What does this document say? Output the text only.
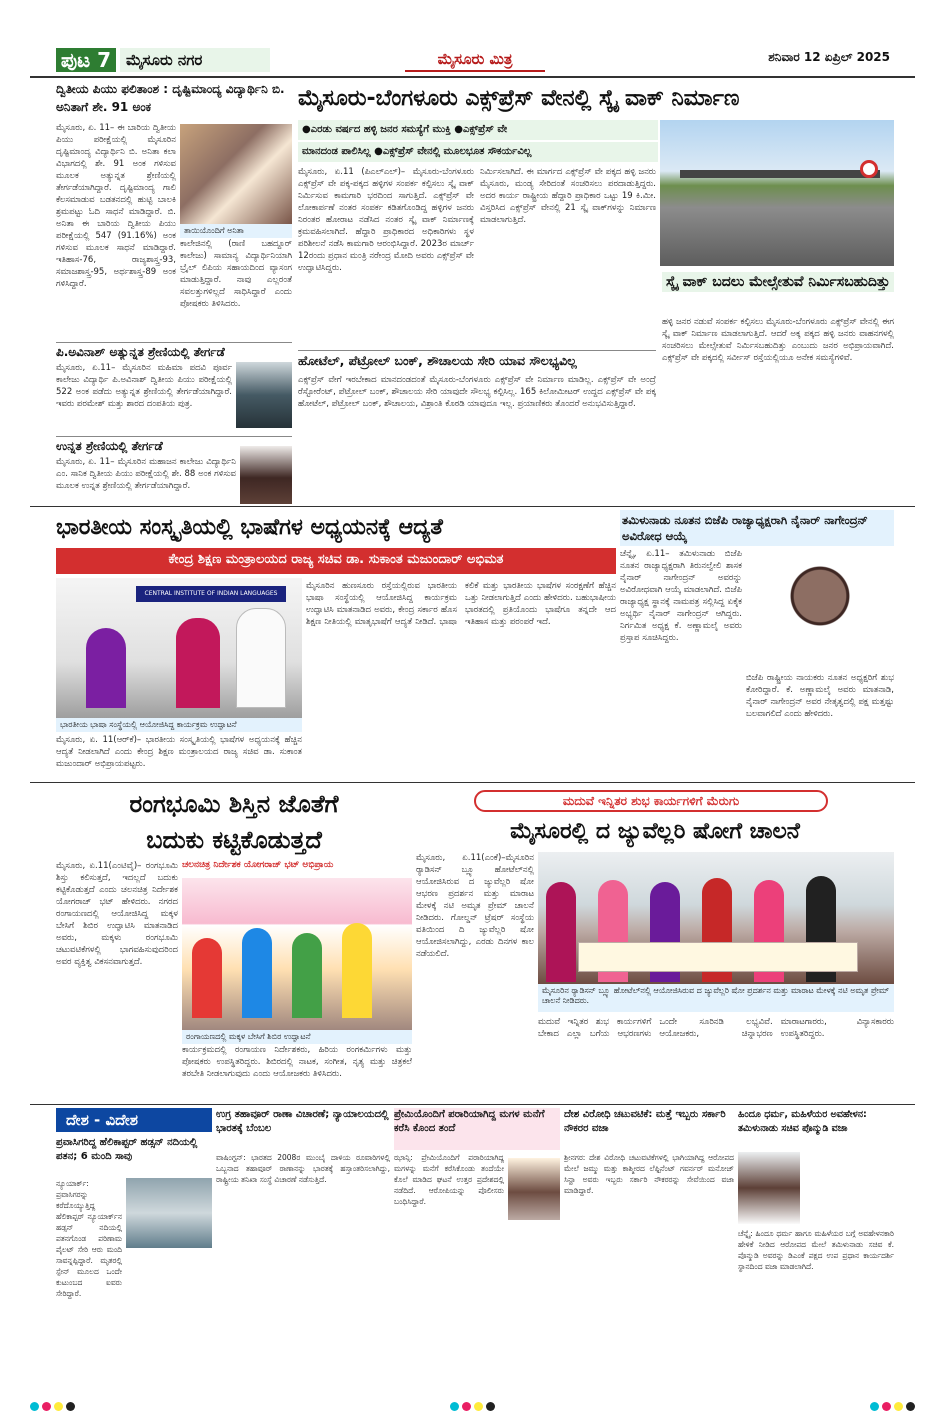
ಪುಟ 7 ಮೈಸೂರು ನಗರ	ಮೈಸೂರು ಮಿತ್ರ	ಶನಿವಾರ 12 ಏಪ್ರಿಲ್ 2025
ದ್ವಿತೀಯ ಪಿಯು ಫಲಿತಾಂಶ : ದೃಷ್ಟಿಮಾಂದ್ಯ ವಿದ್ಯಾರ್ಥಿನಿ ಬಿ. ಅನಿತಾಗೆ ಶೇ. 91 ಅಂಕ
ಮೈಸೂರು, ಏ. 11– ಈ ಬಾರಿಯ ದ್ವಿತೀಯ ಪಿಯು ಪರೀಕ್ಷೆಯಲ್ಲಿ ಮೈಸೂರಿನ ದೃಷ್ಟಿಮಾಂದ್ಯ ವಿದ್ಯಾರ್ಥಿನಿ ಬಿ. ಅನಿತಾ ಕಲಾ ವಿಭಾಗದಲ್ಲಿ ಶೇ. 91 ಅಂಕ ಗಳಿಸುವ ಮೂಲಕ ಅತ್ಯುನ್ನತ ಶ್ರೇಣಿಯಲ್ಲಿ ತೇರ್ಗಡೆಯಾಗಿದ್ದಾರೆ. ದೃಷ್ಟಿಮಾಂದ್ಯ ಗಾಲಿ ಕೆಲಸಮಾಡುವ ಬಡತನದಲ್ಲಿ ಹುಟ್ಟಿ ಬಾಲಕಿ ಶ್ರಮಪಟ್ಟು ಓದಿ ಸಾಧನೆ ಮಾಡಿದ್ದಾರೆ. ಬಿ. ಅನಿತಾ ಈ ಬಾರಿಯ ದ್ವಿತೀಯ ಪಿಯು ಪರೀಕ್ಷೆಯಲ್ಲಿ 547 (91.16%) ಅಂಕ ಗಳಿಸುವ ಮೂಲಕ ಸಾಧನೆ ಮಾಡಿದ್ದಾರೆ. ಇತಿಹಾಸ-76, ರಾಜ್ಯಶಾಸ್ತ್ರ-93, ಸಮಾಜಶಾಸ್ತ್ರ-95, ಅರ್ಥಶಾಸ್ತ್ರ-89 ಅಂಕ ಗಳಿಸಿದ್ದಾರೆ.
ತಾಯಿಯೊಂದಿಗೆ ಅನಿತಾ
ಕಾಲೇಜಿನಲ್ಲಿ (ರಾಣಿ ಬಹದ್ದೂರ್ ಕಾಲೇಜು) ಸಾಮಾನ್ಯ ವಿದ್ಯಾರ್ಥಿನಿಯಾಗಿ ಬ್ರೈಲ್ ಲಿಪಿಯ ಸಹಾಯದಿಂದ ವ್ಯಾಸಂಗ ಮಾಡುತ್ತಿದ್ದಾರೆ. ನಾವು ಎಲ್ಲರಂತೆ ಸವಲತ್ತುಗಳಿಲ್ಲದೆ ಸಾಧಿಸಿದ್ದಾರೆ ಎಂದು ಪೋಷಕರು ತಿಳಿಸಿದರು.
ಪಿ.ಅವಿನಾಶ್ ಅತ್ಯುನ್ನತ ಶ್ರೇಣಿಯಲ್ಲಿ ತೇರ್ಗಡೆ
ಮೈಸೂರು, ಏ.11– ಮೈಸೂರಿನ ಮಹಿಮಾ ಪದವಿ ಪೂರ್ವ ಕಾಲೇಜು ವಿದ್ಯಾರ್ಥಿ ಪಿ.ಅವಿನಾಶ್ ದ್ವಿತೀಯ ಪಿಯು ಪರೀಕ್ಷೆಯಲ್ಲಿ 522 ಅಂಕ ಪಡೆದು ಅತ್ಯುನ್ನತ ಶ್ರೇಣಿಯಲ್ಲಿ ತೇರ್ಗಡೆಯಾಗಿದ್ದಾರೆ. ಇವರು ಪರಮೇಶ್ ಮತ್ತು ಶಾರದ ದಂಪತಿಯ ಪುತ್ರ.
ಉನ್ನತ ಶ್ರೇಣಿಯಲ್ಲಿ ತೇರ್ಗಡೆ
ಮೈಸೂರು, ಏ. 11– ಮೈಸೂರಿನ ಮಹಾಜನ ಕಾಲೇಜು ವಿದ್ಯಾರ್ಥಿನಿ ಎಂ. ಸಾನಿಕ ದ್ವಿತೀಯ ಪಿಯು ಪರೀಕ್ಷೆಯಲ್ಲಿ ಶೇ. 88 ಅಂಕ ಗಳಿಸುವ ಮೂಲಕ ಉನ್ನತ ಶ್ರೇಣಿಯಲ್ಲಿ ತೇರ್ಗಡೆಯಾಗಿದ್ದಾರೆ.
ಮೈಸೂರು-ಬೆಂಗಳೂರು ಎಕ್ಸ್‌ಪ್ರೆಸ್ ವೇನಲ್ಲಿ ಸ್ಕೈ ವಾಕ್ ನಿರ್ಮಾಣ
●ಎರಡು ವರ್ಷದ ಹಳ್ಳಿ ಜನರ ಸಮಸ್ಯೆಗೆ ಮುಕ್ತಿ ●ಎಕ್ಸ್‌ಪ್ರೆಸ್ ವೇ
ಮಾನದಂಡ ಪಾಲಿಸಿಲ್ಲ ●ಎಕ್ಸ್‌ಪ್ರೆಸ್ ವೇನಲ್ಲಿ ಮೂಲಭೂತ ಸೌಕರ್ಯವಿಲ್ಲ
ಮೈಸೂರು, ಏ.11 (ಪಿಎಲ್‌ಎಲ್)– ಮೈಸೂರು-ಬೆಂಗಳೂರು ಎಕ್ಸ್‌ಪ್ರೆಸ್ ವೇ ಪಕ್ಕ-ಪಕ್ಕದ ಹಳ್ಳಿಗಳ ಸಂಪರ್ಕ ಕಲ್ಪಿಸಲು ಸ್ಕೈ ವಾಕ್ ನಿರ್ಮಿಸುವ ಕಾಮಗಾರಿ ಭರದಿಂದ ಸಾಗುತ್ತಿದೆ. ಎಕ್ಸ್‌ಪ್ರೆಸ್ ವೇ ಲೋಕಾರ್ಪಣೆ ನಂತರ ಸಂಪರ್ಕ ಕಡಿತಗೊಂಡಿದ್ದ ಹಳ್ಳಿಗಳ ಜನರು ನಿರಂತರ ಹೋರಾಟ ನಡೆಸಿದ ನಂತರ ಸ್ಕೈ ವಾಕ್ ನಿರ್ಮಾಣಕ್ಕೆ ಕ್ರಮವಹಿಸಲಾಗಿದೆ. ಹೆದ್ದಾರಿ ಪ್ರಾಧಿಕಾರದ ಅಧಿಕಾರಿಗಳು ಸ್ಥಳ ಪರಿಶೀಲನೆ ನಡೆಸಿ ಕಾಮಗಾರಿ ಆರಂಭಿಸಿದ್ದಾರೆ. 2023ರ ಮಾರ್ಚ್ 12ರಂದು ಪ್ರಧಾನ ಮಂತ್ರಿ ನರೇಂದ್ರ ಮೋದಿ ಅವರು ಎಕ್ಸ್‌ಪ್ರೆಸ್ ವೇ ಉದ್ಘಾಟಿಸಿದ್ದರು.
ನಿರ್ಮಿಸಲಾಗಿದೆ. ಈ ಮಾರ್ಗದ ಎಕ್ಸ್‌ಪ್ರೆಸ್ ವೇ ಪಕ್ಕದ ಹಳ್ಳಿ ಜನರು ಮೈಸೂರು, ಮಂಡ್ಯ ಸೇರಿದಂತೆ ಸಂಚರಿಸಲು ಪರದಾಡುತ್ತಿದ್ದರು. ಅದರ ಕಾರ್ಯ ರಾಷ್ಟ್ರೀಯ ಹೆದ್ದಾರಿ ಪ್ರಾಧಿಕಾರ ಒಟ್ಟು 19 ಕಿ.ಮೀ. ವಿಸ್ತರಿಸಿದ ಎಕ್ಸ್‌ಪ್ರೆಸ್ ವೇನಲ್ಲಿ 21 ಸ್ಕೈ ವಾಕ್‌ಗಳನ್ನು ನಿರ್ಮಾಣ ಮಾಡಲಾಗುತ್ತಿದೆ.
ಸ್ಕೈ ವಾಕ್ ಬದಲು ಮೇಲ್ಸೇತುವೆ ನಿರ್ಮಿಸಬಹುದಿತ್ತು
ಹಳ್ಳಿ ಜನರ ನಡುವೆ ಸಂಪರ್ಕ ಕಲ್ಪಿಸಲು ಮೈಸೂರು-ಬೆಂಗಳೂರು ಎಕ್ಸ್‌ಪ್ರೆಸ್ ವೇನಲ್ಲಿ ಈಗ ಸ್ಕೈ ವಾಕ್ ನಿರ್ಮಾಣ ಮಾಡಲಾಗುತ್ತಿದೆ. ಆದರೆ ಅಕ್ಕ ಪಕ್ಕದ ಹಳ್ಳಿ ಜನರು ವಾಹನಗಳಲ್ಲಿ ಸಂಚರಿಸಲು ಮೇಲ್ಸೇತುವೆ ನಿರ್ಮಿಸಬಹುದಿತ್ತು ಎಂಬುದು ಜನರ ಅಭಿಪ್ರಾಯವಾಗಿದೆ. ಎಕ್ಸ್‌ಪ್ರೆಸ್ ವೇ ಪಕ್ಕದಲ್ಲಿ ಸರ್ವೀಸ್ ರಸ್ತೆಯಲ್ಲಿಯೂ ಅನೇಕ ಸಮಸ್ಯೆಗಳಿವೆ.
ಹೋಟೆಲ್, ಪೆಟ್ರೋಲ್ ಬಂಕ್, ಶೌಚಾಲಯ ಸೇರಿ ಯಾವ ಸೌಲಭ್ಯವಿಲ್ಲ
ಎಕ್ಸ್‌ಪ್ರೆಸ್ ವೇಗೆ ಇರಬೇಕಾದ ಮಾನದಂಡದಂತೆ ಮೈಸೂರು-ಬೆಂಗಳೂರು ಎಕ್ಸ್‌ಪ್ರೆಸ್ ವೇ ನಿರ್ಮಾಣ ಮಾಡಿಲ್ಲ. ಎಕ್ಸ್‌ಪ್ರೆಸ್ ವೇ ಅಂದ್ರೆ ರೆಸ್ಟೋರೆಂಟ್, ಪೆಟ್ರೋಲ್ ಬಂಕ್, ಶೌಚಾಲಯ ಸೇರಿ ಯಾವುದೇ ಸೌಲಭ್ಯ ಕಲ್ಪಿಸಿಲ್ಲ. 165 ಕಿಲೋಮೀಟರ್ ಉದ್ದದ ಎಕ್ಸ್‌ಪ್ರೆಸ್ ವೇ ಪಕ್ಕ ಹೋಟೆಲ್, ಪೆಟ್ರೋಲ್ ಬಂಕ್, ಶೌಚಾಲಯ, ವಿಶ್ರಾಂತಿ ಕೊಠಡಿ ಯಾವುದೂ ಇಲ್ಲ. ಪ್ರಯಾಣಿಕರು ತೊಂದರೆ ಅನುಭವಿಸುತ್ತಿದ್ದಾರೆ.
ಭಾರತೀಯ ಸಂಸ್ಕೃತಿಯಲ್ಲಿ ಭಾಷೆಗಳ ಅಧ್ಯಯನಕ್ಕೆ ಆದ್ಯತೆ
ಕೇಂದ್ರ ಶಿಕ್ಷಣ ಮಂತ್ರಾಲಯದ ರಾಜ್ಯ ಸಚಿವ ಡಾ. ಸುಕಾಂತ ಮಜುಂದಾರ್ ಅಭಿಮತ
CENTRAL INSTITUTE OF INDIAN LANGUAGES
ಭಾರತೀಯ ಭಾಷಾ ಸಂಸ್ಥೆಯಲ್ಲಿ ಆಯೋಜಿಸಿದ್ದ ಕಾರ್ಯಕ್ರಮ ಉದ್ಘಾಟನೆ
ಮೈಸೂರು, ಏ. 11(ಆರ್‌ಕೆ)– ಭಾರತೀಯ ಸಂಸ್ಕೃತಿಯಲ್ಲಿ ಭಾಷೆಗಳ ಅಧ್ಯಯನಕ್ಕೆ ಹೆಚ್ಚಿನ ಆದ್ಯತೆ ನೀಡಲಾಗಿದೆ ಎಂದು ಕೇಂದ್ರ ಶಿಕ್ಷಣ ಮಂತ್ರಾಲಯದ ರಾಜ್ಯ ಸಚಿವ ಡಾ. ಸುಕಾಂತ ಮಜುಂದಾರ್ ಅಭಿಪ್ರಾಯಪಟ್ಟರು.
ಮೈಸೂರಿನ ಹುಣಸೂರು ರಸ್ತೆಯಲ್ಲಿರುವ ಭಾರತೀಯ ಭಾಷಾ ಸಂಸ್ಥೆಯಲ್ಲಿ ಆಯೋಜಿಸಿದ್ದ ಕಾರ್ಯಕ್ರಮ ಉದ್ಘಾಟಿಸಿ ಮಾತನಾಡಿದ ಅವರು, ಕೇಂದ್ರ ಸರ್ಕಾರ ಹೊಸ ಶಿಕ್ಷಣ ನೀತಿಯಲ್ಲಿ ಮಾತೃಭಾಷೆಗೆ ಆದ್ಯತೆ ನೀಡಿದೆ. ಭಾಷಾ ಕಲಿಕೆ ಮತ್ತು ಭಾರತೀಯ ಭಾಷೆಗಳ ಸಂರಕ್ಷಣೆಗೆ ಹೆಚ್ಚಿನ ಒತ್ತು ನೀಡಲಾಗುತ್ತಿದೆ ಎಂದು ಹೇಳಿದರು. ಬಹುಭಾಷೀಯ ಭಾರತದಲ್ಲಿ ಪ್ರತಿಯೊಂದು ಭಾಷೆಗೂ ತನ್ನದೇ ಆದ ಇತಿಹಾಸ ಮತ್ತು ಪರಂಪರೆ ಇದೆ.
ತಮಿಳುನಾಡು ನೂತನ ಬಿಜೆಪಿ ರಾಜ್ಯಾಧ್ಯಕ್ಷರಾಗಿ ನೈನಾರ್ ನಾಗೇಂದ್ರನ್ ಅವಿರೋಧ ಆಯ್ಕೆ
ಚೆನ್ನೈ, ಏ.11– ತಮಿಳುನಾಡು ಬಿಜೆಪಿ ನೂತನ ರಾಜ್ಯಾಧ್ಯಕ್ಷರಾಗಿ ತಿರುನಲ್ವೇಲಿ ಶಾಸಕ ನೈನಾರ್ ನಾಗೇಂದ್ರನ್ ಅವರನ್ನು ಅವಿರೋಧವಾಗಿ ಆಯ್ಕೆ ಮಾಡಲಾಗಿದೆ. ಬಿಜೆಪಿ ರಾಜ್ಯಾಧ್ಯಕ್ಷ ಸ್ಥಾನಕ್ಕೆ ನಾಮಪತ್ರ ಸಲ್ಲಿಸಿದ್ದ ಏಕೈಕ ಅಭ್ಯರ್ಥಿ ನೈನಾರ್ ನಾಗೇಂದ್ರನ್ ಆಗಿದ್ದರು. ನಿರ್ಗಮಿತ ಅಧ್ಯಕ್ಷ ಕೆ. ಅಣ್ಣಾಮಲೈ ಅವರು ಪ್ರಸ್ತಾಪ ಸೂಚಿಸಿದ್ದರು.
ಬಿಜೆಪಿ ರಾಷ್ಟ್ರೀಯ ನಾಯಕರು ನೂತನ ಅಧ್ಯಕ್ಷರಿಗೆ ಶುಭ ಕೋರಿದ್ದಾರೆ. ಕೆ. ಅಣ್ಣಾಮಲೈ ಅವರು ಮಾತನಾಡಿ, ನೈನಾರ್ ನಾಗೇಂದ್ರನ್ ಅವರ ನೇತೃತ್ವದಲ್ಲಿ ಪಕ್ಷ ಮತ್ತಷ್ಟು ಬಲವಾಗಲಿದೆ ಎಂದು ಹೇಳಿದರು.
ರಂಗಭೂಮಿ ಶಿಸ್ತಿನ ಜೊತೆಗೆ
ಬದುಕು ಕಟ್ಟಿಕೊಡುತ್ತದೆ
ಮೈಸೂರು, ಏ.11(ಎಂಟಿವೈ)– ರಂಗಭೂಮಿ ಶಿಸ್ತು ಕಲಿಸುತ್ತದೆ, ಇದಲ್ಲದೆ ಬದುಕು ಕಟ್ಟಿಕೊಡುತ್ತದೆ ಎಂದು ಚಲನಚಿತ್ರ ನಿರ್ದೇಶಕ ಯೋಗರಾಜ್ ಭಟ್ ಹೇಳಿದರು. ನಗರದ ರಂಗಾಯಣದಲ್ಲಿ ಆಯೋಜಿಸಿದ್ದ ಮಕ್ಕಳ ಬೇಸಿಗೆ ಶಿಬಿರ ಉದ್ಘಾಟಿಸಿ ಮಾತನಾಡಿದ ಅವರು, ಮಕ್ಕಳು ರಂಗಭೂಮಿ ಚಟುವಟಿಕೆಗಳಲ್ಲಿ ಭಾಗವಹಿಸುವುದರಿಂದ ಅವರ ವ್ಯಕ್ತಿತ್ವ ವಿಕಸನವಾಗುತ್ತದೆ.
ಚಲನಚಿತ್ರ ನಿರ್ದೇಶಕ ಯೋಗರಾಜ್ ಭಟ್ ಅಭಿಪ್ರಾಯ
ರಂಗಾಯಣದಲ್ಲಿ ಮಕ್ಕಳ ಬೇಸಿಗೆ ಶಿಬಿರ ಉದ್ಘಾಟನೆ
ಕಾರ್ಯಕ್ರಮದಲ್ಲಿ ರಂಗಾಯಣ ನಿರ್ದೇಶಕರು, ಹಿರಿಯ ರಂಗಕರ್ಮಿಗಳು ಮತ್ತು ಪೋಷಕರು ಉಪಸ್ಥಿತರಿದ್ದರು. ಶಿಬಿರದಲ್ಲಿ ನಾಟಕ, ಸಂಗೀತ, ನೃತ್ಯ ಮತ್ತು ಚಿತ್ರಕಲೆ ತರಬೇತಿ ನೀಡಲಾಗುವುದು ಎಂದು ಆಯೋಜಕರು ತಿಳಿಸಿದರು.
ಮದುವೆ ಇನ್ನಿತರ ಶುಭ ಕಾರ್ಯಗಳಿಗೆ ಮೆರುಗು
ಮೈಸೂರಲ್ಲಿ ದ ಜ್ಯುವೆಲ್ಲರಿ ಷೋಗೆ ಚಾಲನೆ
ಮೈಸೂರು, ಏ.11(ಎಂಕೆ)–ಮೈಸೂರಿನ ರ‍್ಯಾಡಿಸನ್ ಬ್ಲ್ಯೂ ಹೋಟೆಲ್‌ನಲ್ಲಿ ಆಯೋಜಿಸಿರುವ ದ ಜ್ಯುವೆಲ್ಲರಿ ಷೋ ಆಭರಣ ಪ್ರದರ್ಶನ ಮತ್ತು ಮಾರಾಟ ಮೇಳಕ್ಕೆ ನಟಿ ಅಮೃತ ಪ್ರೇಮ್ ಚಾಲನೆ ನೀಡಿದರು. ಗೋಲ್ಡನ್ ಟ್ರೆಷರ್ ಸಂಸ್ಥೆಯ ವತಿಯಿಂದ ದಿ ಜ್ಯುವೆಲ್ಲರಿ ಷೋ ಆಯೋಜಿಸಲಾಗಿದ್ದು, ಎರಡು ದಿನಗಳ ಕಾಲ ನಡೆಯಲಿದೆ.
ಮೈಸೂರಿನ ರ‍್ಯಾಡಿಸನ್ ಬ್ಲ್ಯೂ ಹೋಟೆಲ್‌ನಲ್ಲಿ ಆಯೋಜಿಸಿರುವ ದ ಜ್ಯುವೆಲ್ಲರಿ ಷೋ ಪ್ರದರ್ಶನ ಮತ್ತು ಮಾರಾಟ ಮೇಳಕ್ಕೆ ನಟಿ ಅಮೃತ ಪ್ರೇಮ್ ಚಾಲನೆ ನೀಡಿದರು.
ಮದುವೆ ಇನ್ನಿತರ ಶುಭ ಕಾರ್ಯಗಳಿಗೆ ಬೇಕಾದ ಎಲ್ಲಾ ಬಗೆಯ ಆಭರಣಗಳು ಒಂದೇ ಸೂರಿನಡಿ ಲಭ್ಯವಿವೆ. ಆಯೋಜಕರು, ಚಿನ್ನಾಭರಣ ಮಾರಾಟಗಾರರು, ವಿನ್ಯಾಸಕಾರರು ಉಪಸ್ಥಿತರಿದ್ದರು.
ದೇಶ - ವಿದೇಶ
ಪ್ರವಾಸಿಗರಿದ್ದ ಹೆಲಿಕಾಪ್ಟರ್ ಹಡ್ಸನ್ ನದಿಯಲ್ಲಿ ಪತನ; 6 ಮಂದಿ ಸಾವು
ನ್ಯೂಯಾರ್ಕ್: ಪ್ರವಾಸಿಗರನ್ನು ಕರೆದೊಯ್ಯುತ್ತಿದ್ದ ಹೆಲಿಕಾಪ್ಟರ್ ನ್ಯೂಯಾರ್ಕ್‌ನ ಹಡ್ಸನ್ ನದಿಯಲ್ಲಿ ಪತನಗೊಂಡ ಪರಿಣಾಮ ಪೈಲಟ್ ಸೇರಿ ಆರು ಮಂದಿ ಸಾವನ್ನಪ್ಪಿದ್ದಾರೆ. ಮೃತರಲ್ಲಿ ಸ್ಪೇನ್ ಮೂಲದ ಒಂದೇ ಕುಟುಂಬದ ಐವರು ಸೇರಿದ್ದಾರೆ.
ಉಗ್ರ ತಹಾವೂರ್ ರಾಣಾ ವಿಚಾರಣೆ; ನ್ಯಾಯಾಲಯದಲ್ಲಿ ಭಾರತಕ್ಕೆ ಬೆಂಬಲ
ವಾಷಿಂಗ್ಟನ್: ಭಾರತದ 2008ರ ಮುಂಬೈ ದಾಳಿಯ ರೂವಾರಿಗಳಲ್ಲಿ ಒಬ್ಬನಾದ ತಹಾವೂರ್ ರಾಣಾನನ್ನು ಭಾರತಕ್ಕೆ ಹಸ್ತಾಂತರಿಸಲಾಗಿದ್ದು, ರಾಷ್ಟ್ರೀಯ ತನಿಖಾ ಸಂಸ್ಥೆ ವಿಚಾರಣೆ ನಡೆಸುತ್ತಿದೆ.
ಪ್ರೇಮಿಯೊಂದಿಗೆ ಪರಾರಿಯಾಗಿದ್ದ ಮಗಳ ಮನೆಗೆ ಕರೆಸಿ ಕೊಂದ ತಂದೆ
ಝಾನ್ಸಿ: ಪ್ರೇಮಿಯೊಂದಿಗೆ ಪರಾರಿಯಾಗಿದ್ದ ಮಗಳನ್ನು ಮನೆಗೆ ಕರೆಸಿಕೊಂಡು ತಂದೆಯೇ ಕೊಲೆ ಮಾಡಿದ ಘಟನೆ ಉತ್ತರ ಪ್ರದೇಶದಲ್ಲಿ ನಡೆದಿದೆ. ಆರೋಪಿಯನ್ನು ಪೊಲೀಸರು ಬಂಧಿಸಿದ್ದಾರೆ.
ದೇಶ ವಿರೋಧಿ ಚಟುವಟಿಕೆ: ಮತ್ತೆ ಇಬ್ಬರು ಸರ್ಕಾರಿ ನೌಕರರ ವಜಾ
ಶ್ರೀನಗರ: ದೇಶ ವಿರೋಧಿ ಚಟುವಟಿಕೆಗಳಲ್ಲಿ ಭಾಗಿಯಾಗಿದ್ದ ಆರೋಪದ ಮೇಲೆ ಜಮ್ಮು ಮತ್ತು ಕಾಶ್ಮೀರದ ಲೆಫ್ಟಿನೆಂಟ್ ಗವರ್ನರ್ ಮನೋಜ್ ಸಿನ್ಹಾ ಅವರು ಇಬ್ಬರು ಸರ್ಕಾರಿ ನೌಕರರನ್ನು ಸೇವೆಯಿಂದ ವಜಾ ಮಾಡಿದ್ದಾರೆ.
ಹಿಂದೂ ಧರ್ಮ, ಮಹಿಳೆಯರ ಅವಹೇಳನ: ತಮಿಳುನಾಡು ಸಚಿವ ಪೊನ್ಮುಡಿ ವಜಾ
ಚೆನ್ನೈ: ಹಿಂದೂ ಧರ್ಮ ಹಾಗೂ ಮಹಿಳೆಯರ ಬಗ್ಗೆ ಅವಹೇಳನಕಾರಿ ಹೇಳಿಕೆ ನೀಡಿದ ಆರೋಪದ ಮೇಲೆ ತಮಿಳುನಾಡು ಸಚಿವ ಕೆ. ಪೊನ್ಮುಡಿ ಅವರನ್ನು ಡಿಎಂಕೆ ಪಕ್ಷದ ಉಪ ಪ್ರಧಾನ ಕಾರ್ಯದರ್ಶಿ ಸ್ಥಾನದಿಂದ ವಜಾ ಮಾಡಲಾಗಿದೆ.
